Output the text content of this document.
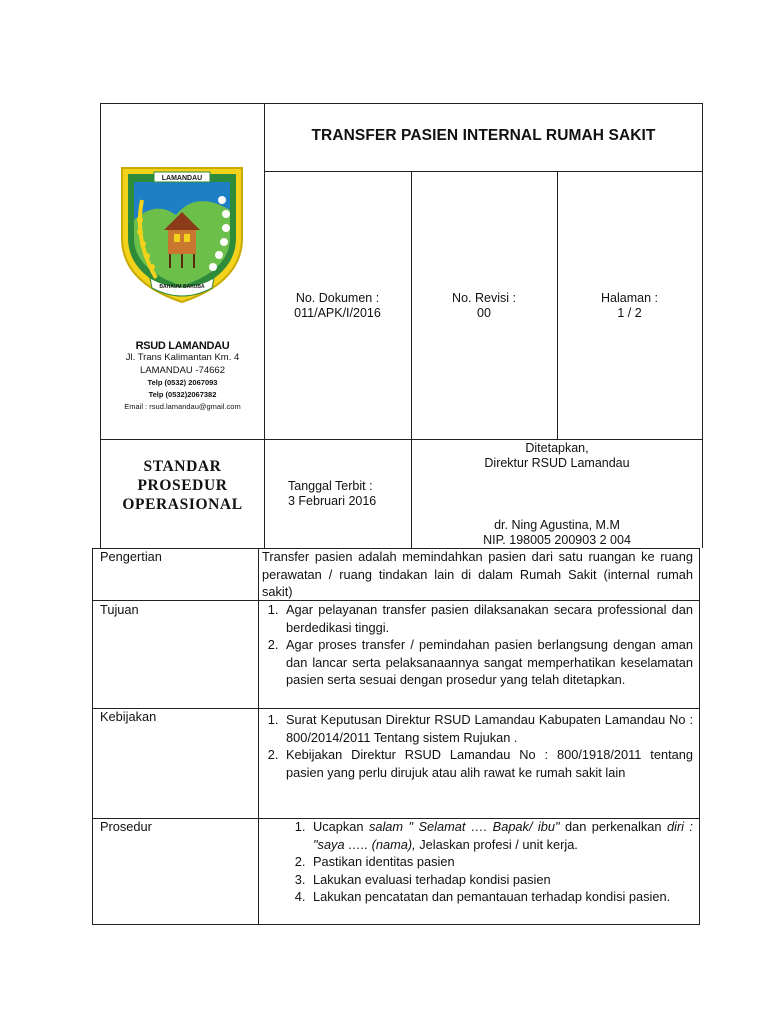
TRANSFER PASIEN INTERNAL RUMAH SAKIT
LAMANDAU
BAHAUM BAKUBA
RSUD LAMANDAU
Jl. Trans Kalimantan Km. 4
LAMANDAU -74662
Telp (0532) 2067093
Telp (0532)2067382
Email : rsud.lamandau@gmail.com
No. Dokumen :
011/APK/I/2016
No. Revisi :
00
Halaman :
1 / 2
STANDAR
PROSEDUR
OPERASIONAL
Tanggal Terbit :
3 Februari 2016
Ditetapkan,
Direktur RSUD Lamandau
dr. Ning Agustina, M.M
NIP. 198005 200903 2 004
Pengertian	Transfer pasien adalah memindahkan pasien dari satu ruangan ke ruang perawatan / ruang tindakan lain di dalam Rumah Sakit (internal rumah sakit)
Tujuan	1. Agar pelayanan transfer pasien dilaksanakan secara professional dan berdedikasi tinggi.
2. Agar proses transfer / pemindahan pasien berlangsung dengan aman dan lancar serta pelaksanaannya sangat memperhatikan keselamatan pasien serta sesuai dengan prosedur yang telah ditetapkan.
Kebijakan	1. Surat Keputusan Direktur RSUD Lamandau Kabupaten Lamandau No : 800/2014/2011 Tentang sistem Rujukan .
2. Kebijakan Direktur RSUD Lamandau No : 800/1918/2011 tentang pasien yang perlu dirujuk atau alih rawat ke rumah sakit lain
Prosedur	1. Ucapkan salam " Selamat …. Bapak/ ibu" dan perkenalkan diri : "saya ….. (nama), Jelaskan profesi / unit kerja.
2. Pastikan identitas pasien
3. Lakukan evaluasi terhadap kondisi pasien
4. Lakukan pencatatan dan pemantauan terhadap kondisi pasien.
